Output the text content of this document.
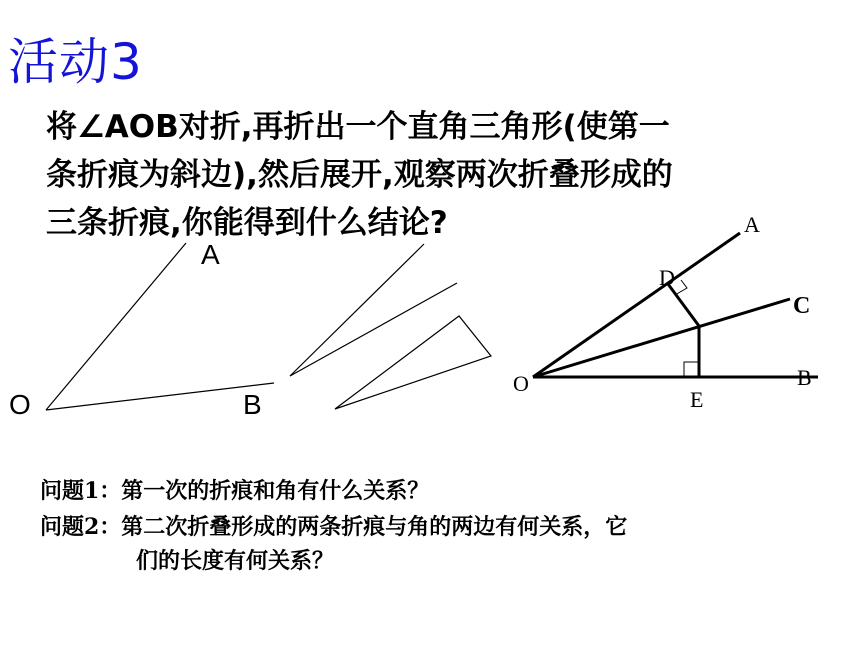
活动3
将∠AOB对折,再折出一个直角三角形(使第一
条折痕为斜边),然后展开,观察两次折叠形成的
三条折痕,你能得到什么结论?
A
O	B
A
C
D
O	B
E
问题1：第一次的折痕和角有什么关系？
问题2：第二次折叠形成的两条折痕与角的两边有何关系，它
们的长度有何关系？
